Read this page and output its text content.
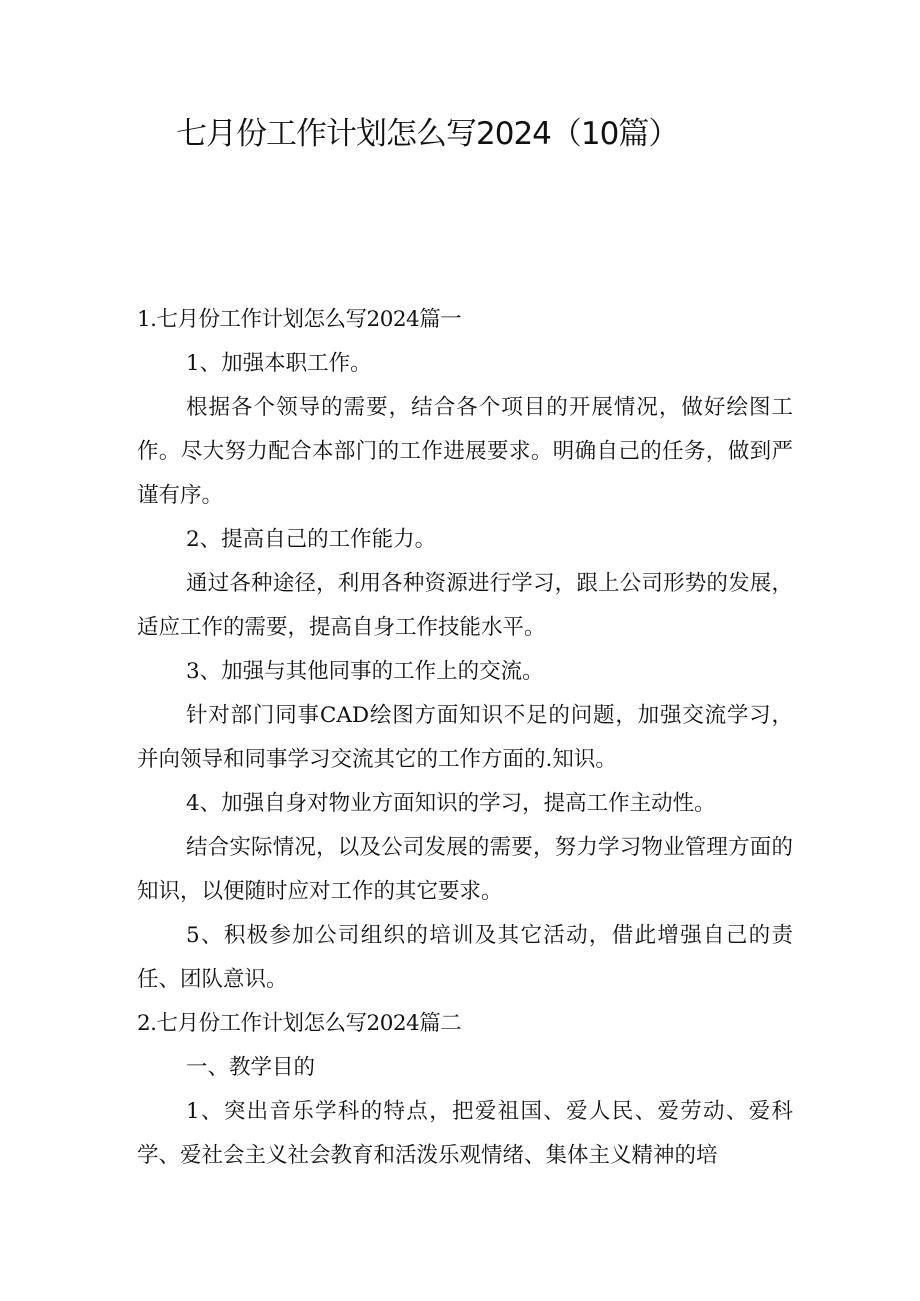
七月份工作计划怎么写2024（10篇）

1.七月份工作计划怎么写2024篇一

1、加强本职工作。

根据各个领导的需要，结合各个项目的开展情况，做好绘图工作。尽大努力配合本部门的工作进展要求。明确自己的任务，做到严谨有序。

2、提高自己的工作能力。

通过各种途径，利用各种资源进行学习，跟上公司形势的发展，适应工作的需要，提高自身工作技能水平。

3、加强与其他同事的工作上的交流。

针对部门同事CAD绘图方面知识不足的问题，加强交流学习，并向领导和同事学习交流其它的工作方面的.知识。

4、加强自身对物业方面知识的学习，提高工作主动性。

结合实际情况，以及公司发展的需要，努力学习物业管理方面的知识，以便随时应对工作的其它要求。

5、积极参加公司组织的培训及其它活动，借此增强自己的责任、团队意识。

2.七月份工作计划怎么写2024篇二

一、教学目的

1、突出音乐学科的特点，把爱祖国、爱人民、爱劳动、爱科学、爱社会主义社会教育和活泼乐观情绪、集体主义精神的培
